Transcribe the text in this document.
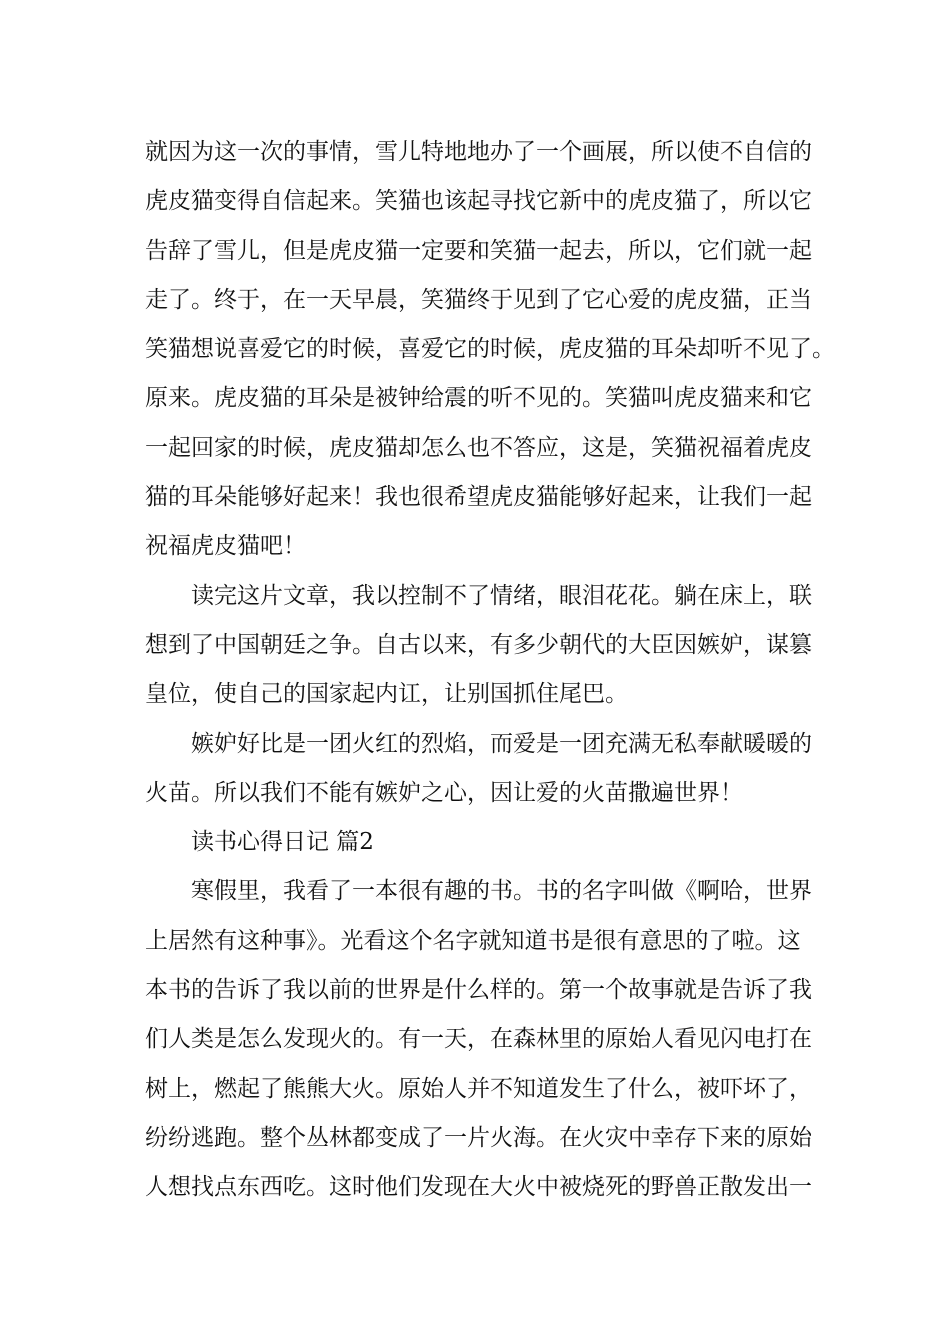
就因为这一次的事情，雪儿特地地办了一个画展，所以使不自信的
虎皮猫变得自信起来。笑猫也该起寻找它新中的虎皮猫了，所以它
告辞了雪儿，但是虎皮猫一定要和笑猫一起去，所以，它们就一起
走了。终于，在一天早晨，笑猫终于见到了它心爱的虎皮猫，正当
笑猫想说喜爱它的时候，喜爱它的时候，虎皮猫的耳朵却听不见了。
原来。虎皮猫的耳朵是被钟给震的听不见的。笑猫叫虎皮猫来和它
一起回家的时候，虎皮猫却怎么也不答应，这是，笑猫祝福着虎皮
猫的耳朵能够好起来！我也很希望虎皮猫能够好起来，让我们一起
祝福虎皮猫吧！
读完这片文章，我以控制不了情绪，眼泪花花。躺在床上，联
想到了中国朝廷之争。自古以来，有多少朝代的大臣因嫉妒，谋篡
皇位，使自己的国家起内讧，让别国抓住尾巴。
嫉妒好比是一团火红的烈焰，而爱是一团充满无私奉献暖暖的
火苗。所以我们不能有嫉妒之心，因让爱的火苗撒遍世界！
读书心得日记 篇2
寒假里，我看了一本很有趣的书。书的名字叫做《啊哈，世界
上居然有这种事》。光看这个名字就知道书是很有意思的了啦。这
本书的告诉了我以前的世界是什么样的。第一个故事就是告诉了我
们人类是怎么发现火的。有一天，在森林里的原始人看见闪电打在
树上，燃起了熊熊大火。原始人并不知道发生了什么，被吓坏了，
纷纷逃跑。整个丛林都变成了一片火海。在火灾中幸存下来的原始
人想找点东西吃。这时他们发现在大火中被烧死的野兽正散发出一
